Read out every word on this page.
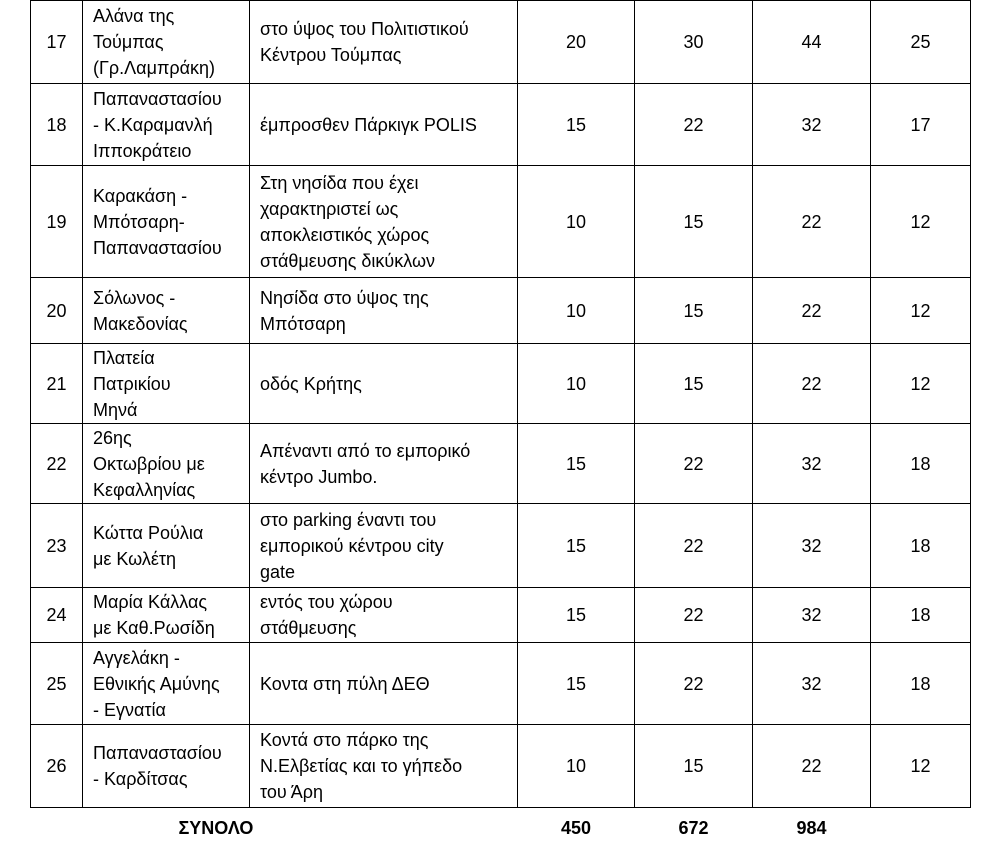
17	Αλάνα της
Τούμπας
(Γρ.Λαμπράκη)	στο ύψος του Πολιτιστικού
Κέντρου Τούμπας	20	30	44	25
18	Παπαναστασίου
- Κ.Καραμανλή
Ιπποκράτειο	έμπροσθεν Πάρκιγκ POLIS	15	22	32	17
19	Καρακάση -
Μπότσαρη-
Παπαναστασίου	Στη νησίδα που έχει
χαρακτηριστεί ως
αποκλειστικός χώρος
στάθμευσης δικύκλων	10	15	22	12
20	Σόλωνος -
Μακεδονίας	Νησίδα στο ύψος της
Μπότσαρη	10	15	22	12
21	Πλατεία
Πατρικίου
Μηνά	οδός Κρήτης	10	15	22	12
22	26ης
Οκτωβρίου με
Κεφαλληνίας	Απέναντι από το εμπορικό
κέντρο Jumbo.	15	22	32	18
23	Κώττα Ρούλια
με Κωλέτη	στο parking έναντι του
εμπορικού κέντρου city
gate	15	22	32	18
24	Μαρία Κάλλας
με Καθ.Ρωσίδη	εντός του χώρου
στάθμευσης	15	22	32	18
25	Αγγελάκη -
Εθνικής Αμύνης
- Εγνατία	Κοντα στη πύλη ΔΕΘ	15	22	32	18
26	Παπαναστασίου
- Καρδίτσας	Κοντά στο πάρκο της
Ν.Ελβετίας και το γήπεδο
του Άρη	10	15	22	12
	ΣΥΝΟΛΟ		450	672	984	
